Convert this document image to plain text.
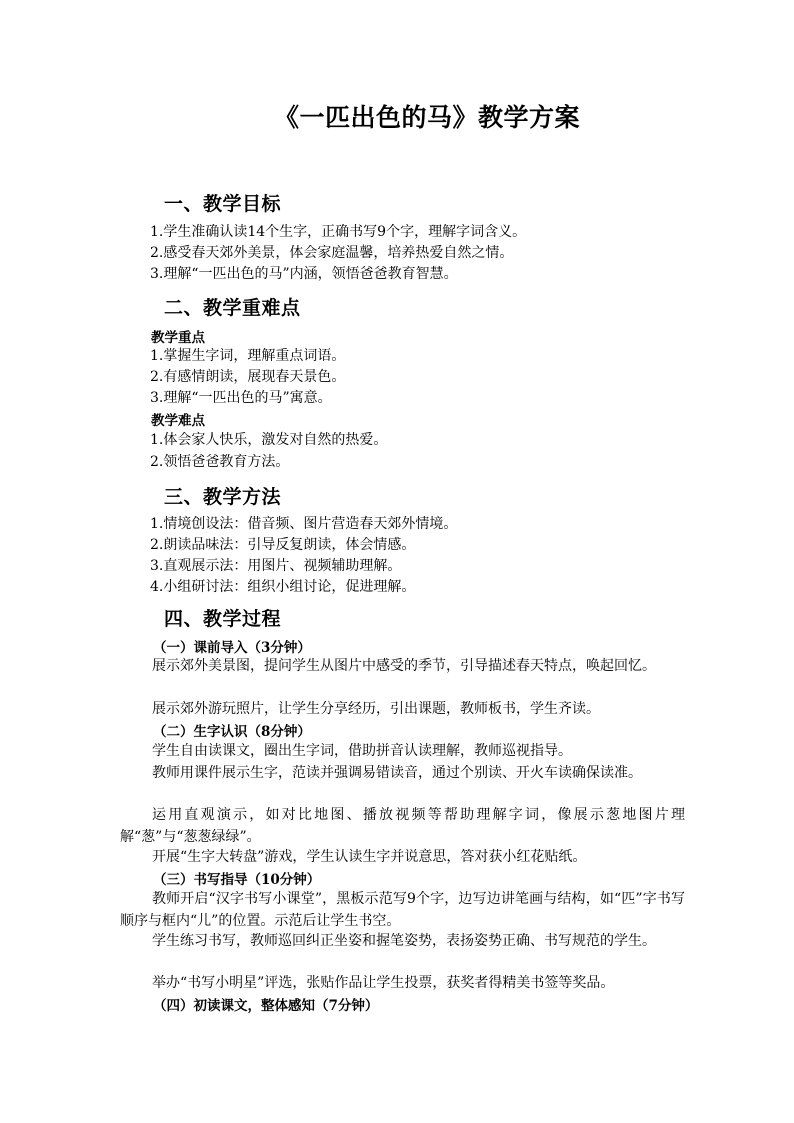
《一匹出色的马》教学方案
一、教学目标
1.学生准确认读14个生字，正确书写9个字，理解字词含义。
2.感受春天郊外美景，体会家庭温馨，培养热爱自然之情。
3.理解“一匹出色的马”内涵，领悟爸爸教育智慧。
二、教学重难点
教学重点
1.掌握生字词，理解重点词语。
2.有感情朗读，展现春天景色。
3.理解“一匹出色的马”寓意。
教学难点
1.体会家人快乐，激发对自然的热爱。
2.领悟爸爸教育方法。
三、教学方法
1.情境创设法：借音频、图片营造春天郊外情境。
2.朗读品味法：引导反复朗读，体会情感。
3.直观展示法：用图片、视频辅助理解。
4.小组研讨法：组织小组讨论，促进理解。
四、教学过程
（一）课前导入（3分钟）
展示郊外美景图，提问学生从图片中感受的季节，引导描述春天特点，唤起回忆。
展示郊外游玩照片，让学生分享经历，引出课题，教师板书，学生齐读。
（二）生字认识（8分钟）
学生自由读课文，圈出生字词，借助拼音认读理解，教师巡视指导。
教师用课件展示生字，范读并强调易错读音，通过个别读、开火车读确保读准。
运用直观演示，如对比地图、播放视频等帮助理解字词，像展示葱地图片理解“葱”与“葱葱绿绿”。
开展“生字大转盘”游戏，学生认读生字并说意思，答对获小红花贴纸。
（三）书写指导（10分钟）
教师开启“汉字书写小课堂”，黑板示范写9个字，边写边讲笔画与结构，如“匹”字书写顺序与框内“儿”的位置。示范后让学生书空。
学生练习书写，教师巡回纠正坐姿和握笔姿势，表扬姿势正确、书写规范的学生。
举办“书写小明星”评选，张贴作品让学生投票，获奖者得精美书签等奖品。
（四）初读课文，整体感知（7分钟）
